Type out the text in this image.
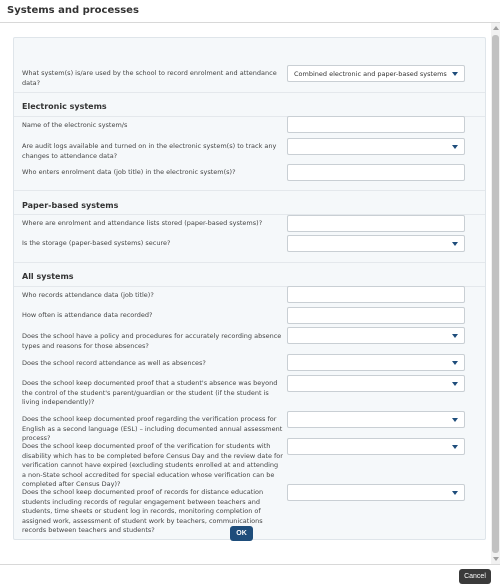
Systems and processes
What system(s) is/are used by the school to record enrolment and attendance data?
Combined electronic and paper-based systems
Electronic systems
Name of the electronic system/s
Are audit logs available and turned on in the electronic system(s) to track any changes to attendance data?
Who enters enrolment data (job title) in the electronic system(s)?
Paper-based systems
Where are enrolment and attendance lists stored (paper-based systems)?
Is the storage (paper-based systems) secure?
All systems
Who records attendance data (job title)?
How often is attendance data recorded?
Does the school have a policy and procedures for accurately recording absence types and reasons for those absences?
Does the school record attendance as well as absences?
Does the school keep documented proof that a student's absence was beyond the control of the student's parent/guardian or the student (if the student is living independently)?
Does the school keep documented proof regarding the verification process for English as a second language (ESL) – including documented annual assessment process?
Does the school keep documented proof of the verification for students with disability which has to be completed before Census Day and the review date for verification cannot have expired (excluding students enrolled at and attending a non-State school accredited for special education whose verification can be completed after Census Day)?
Does the school keep documented proof of records for distance education students including records of regular engagement between teachers and students, time sheets or student log in records, monitoring completion of assigned work, assessment of student work by teachers, communications records between teachers and students?	OK
Cancel
